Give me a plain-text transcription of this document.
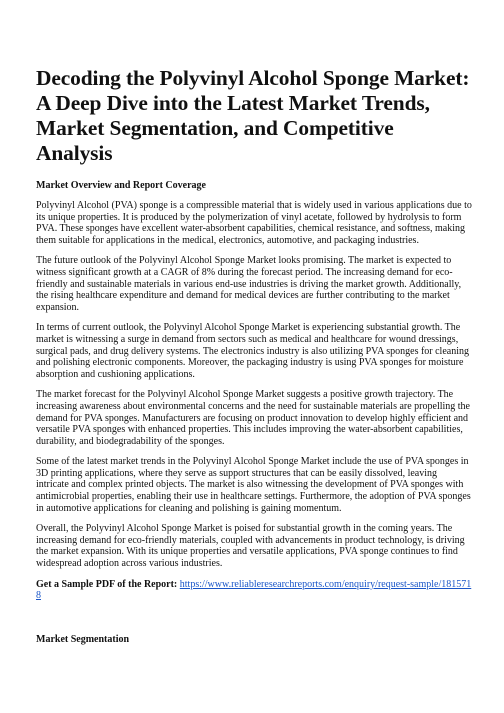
Decoding the Polyvinyl Alcohol Sponge Market: A Deep Dive into the Latest Market Trends, Market Segmentation, and Competitive Analysis
Market Overview and Report Coverage

Polyvinyl Alcohol (PVA) sponge is a compressible material that is widely used in various applications due to its unique properties. It is produced by the polymerization of vinyl acetate, followed by hydrolysis to form PVA. These sponges have excellent water-absorbent capabilities, chemical resistance, and softness, making them suitable for applications in the medical, electronics, automotive, and packaging industries.

The future outlook of the Polyvinyl Alcohol Sponge Market looks promising. The market is expected to witness significant growth at a CAGR of 8% during the forecast period. The increasing demand for eco-friendly and sustainable materials in various end-use industries is driving the market growth. Additionally, the rising healthcare expenditure and demand for medical devices are further contributing to the market expansion.

In terms of current outlook, the Polyvinyl Alcohol Sponge Market is experiencing substantial growth. The market is witnessing a surge in demand from sectors such as medical and healthcare for wound dressings, surgical pads, and drug delivery systems. The electronics industry is also utilizing PVA sponges for cleaning and polishing electronic components. Moreover, the packaging industry is using PVA sponges for moisture absorption and cushioning applications.

The market forecast for the Polyvinyl Alcohol Sponge Market suggests a positive growth trajectory. The increasing awareness about environmental concerns and the need for sustainable materials are propelling the demand for PVA sponges. Manufacturers are focusing on product innovation to develop highly efficient and versatile PVA sponges with enhanced properties. This includes improving the water-absorbent capabilities, durability, and biodegradability of the sponges.

Some of the latest market trends in the Polyvinyl Alcohol Sponge Market include the use of PVA sponges in 3D printing applications, where they serve as support structures that can be easily dissolved, leaving intricate and complex printed objects. The market is also witnessing the development of PVA sponges with antimicrobial properties, enabling their use in healthcare settings. Furthermore, the adoption of PVA sponges in automotive applications for cleaning and polishing is gaining momentum.

Overall, the Polyvinyl Alcohol Sponge Market is poised for substantial growth in the coming years. The increasing demand for eco-friendly materials, coupled with advancements in product technology, is driving the market expansion. With its unique properties and versatile applications, PVA sponge continues to find widespread adoption across various industries.

Get a Sample PDF of the Report: https://www.reliableresearchreports.com/enquiry/request-sample/1815718

Market Segmentation
